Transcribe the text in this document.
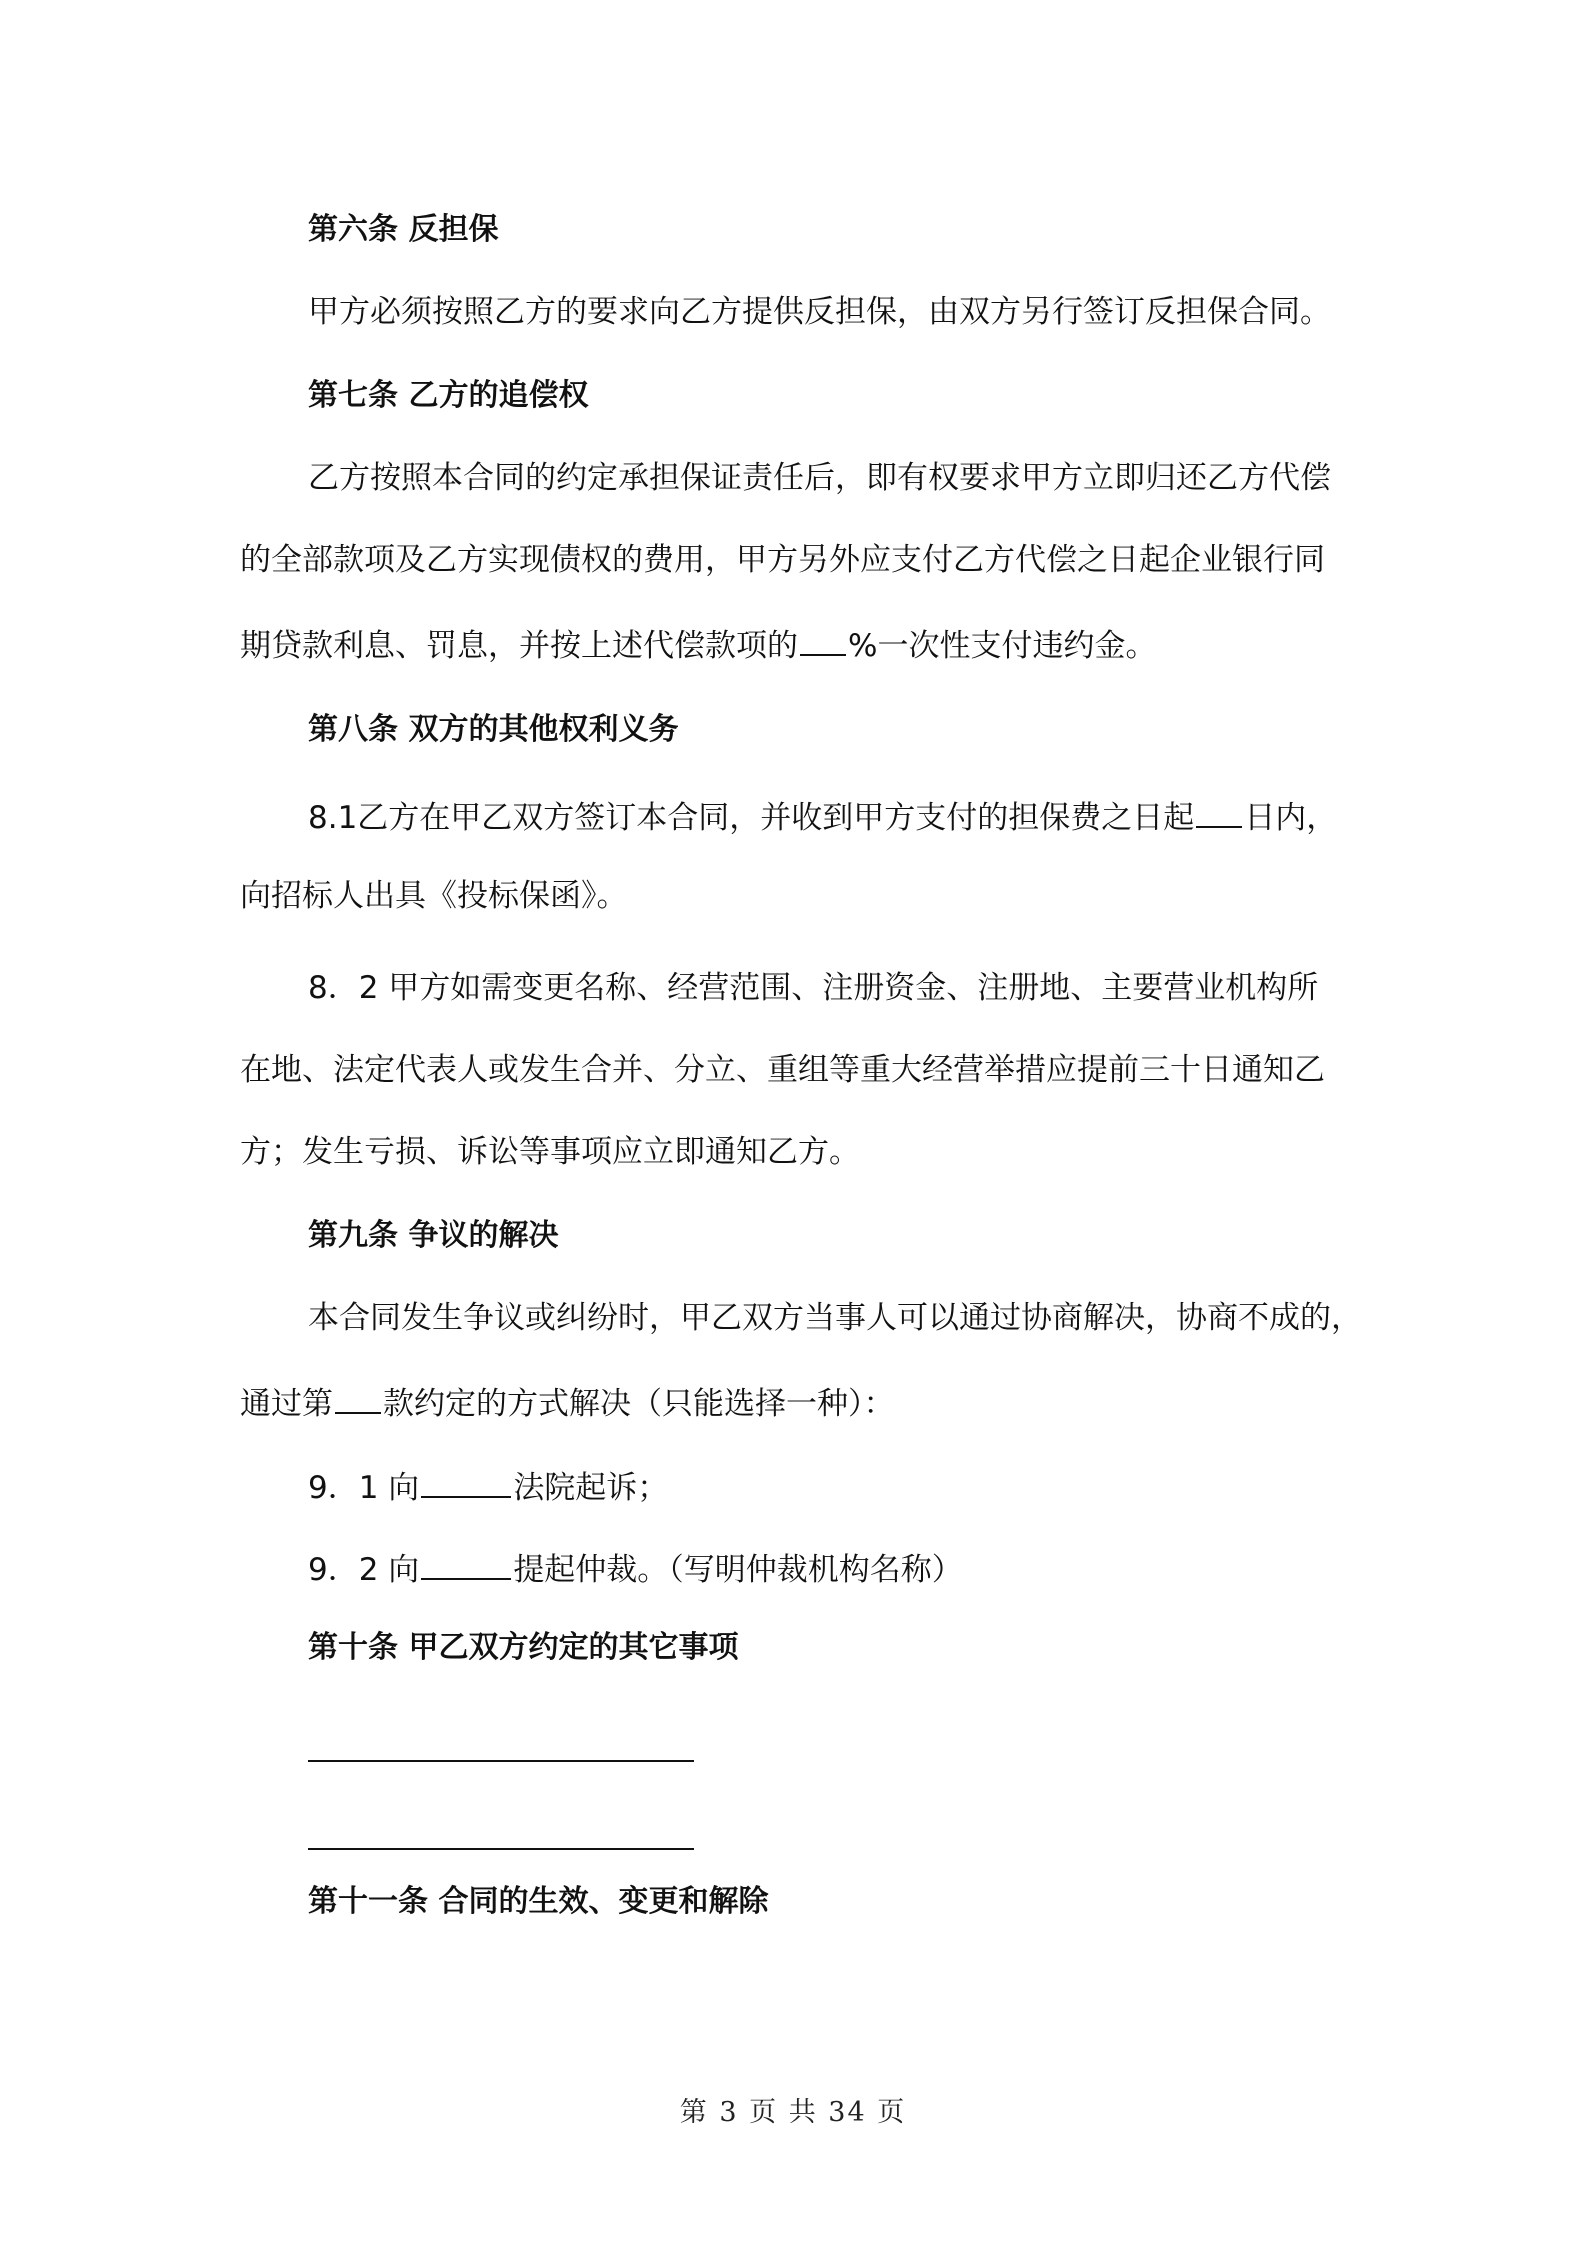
第六条 反担保
甲方必须按照乙方的要求向乙方提供反担保，由双方另行签订反担保合同。
第七条 乙方的追偿权
乙方按照本合同的约定承担保证责任后，即有权要求甲方立即归还乙方代偿
的全部款项及乙方实现债权的费用，甲方另外应支付乙方代偿之日起企业银行同
期贷款利息、罚息，并按上述代偿款项的 %一次性支付违约金。
第八条 双方的其他权利义务
8.1乙方在甲乙双方签订本合同，并收到甲方支付的担保费之日起 日内，
向招标人出具《投标保函》。
8．2 甲方如需变更名称、经营范围、注册资金、注册地、主要营业机构所
在地、法定代表人或发生合并、分立、重组等重大经营举措应提前三十日通知乙
方；发生亏损、诉讼等事项应立即通知乙方。
第九条 争议的解决
本合同发生争议或纠纷时，甲乙双方当事人可以通过协商解决，协商不成的，
通过第 款约定的方式解决（只能选择一种）：
9．1 向	法院起诉；
9．2 向	提起仲裁。（写明仲裁机构名称）
第十条 甲乙双方约定的其它事项
第十一条 合同的生效、变更和解除
第 3 页 共 34 页
